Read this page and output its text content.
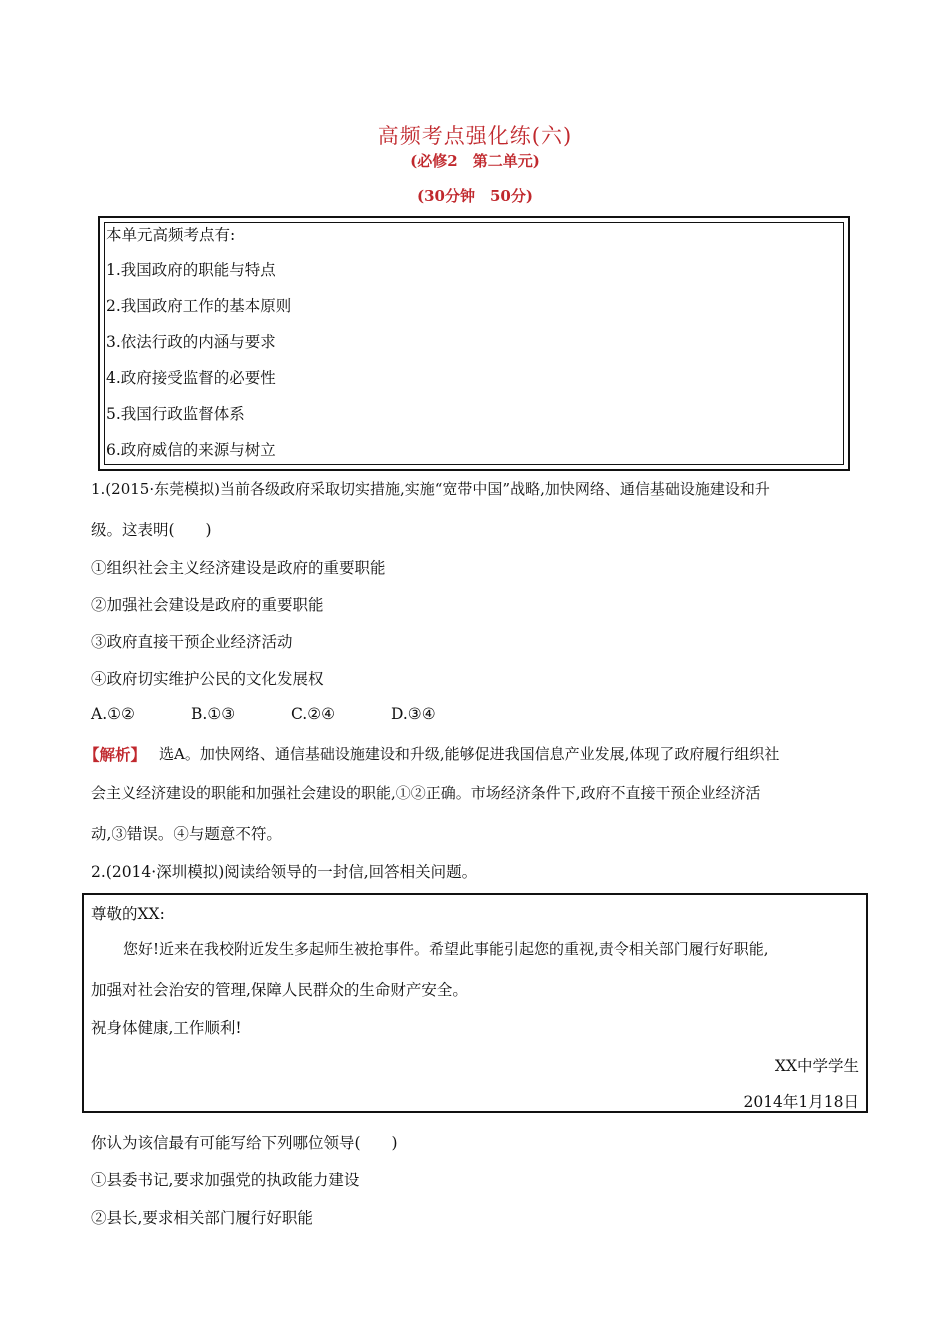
高频考点强化练(六)
(必修2　第二单元)
(30分钟　50分)
本单元高频考点有:
1.我国政府的职能与特点
2.我国政府工作的基本原则
3.依法行政的内涵与要求
4.政府接受监督的必要性
5.我国行政监督体系
6.政府威信的来源与树立
1.(2015·东莞模拟)当前各级政府采取切实措施,实施“宽带中国”战略,加快网络、通信基础设施建设和升
级。这表明(　　)
①组织社会主义经济建设是政府的重要职能
②加强社会建设是政府的重要职能
③政府直接干预企业经济活动
④政府切实维护公民的文化发展权
A.①②	B.①③	C.②④	D.③④
【解析】 选A。加快网络、通信基础设施建设和升级,能够促进我国信息产业发展,体现了政府履行组织社
会主义经济建设的职能和加强社会建设的职能,①②正确。市场经济条件下,政府不直接干预企业经济活
动,③错误。④与题意不符。
2.(2014·深圳模拟)阅读给领导的一封信,回答相关问题。
尊敬的XX:
您好!近来在我校附近发生多起师生被抢事件。希望此事能引起您的重视,责令相关部门履行好职能,
加强对社会治安的管理,保障人民群众的生命财产安全。
祝身体健康,工作顺利!
XX中学学生
2014年1月18日
你认为该信最有可能写给下列哪位领导(　　)
①县委书记,要求加强党的执政能力建设
②县长,要求相关部门履行好职能
